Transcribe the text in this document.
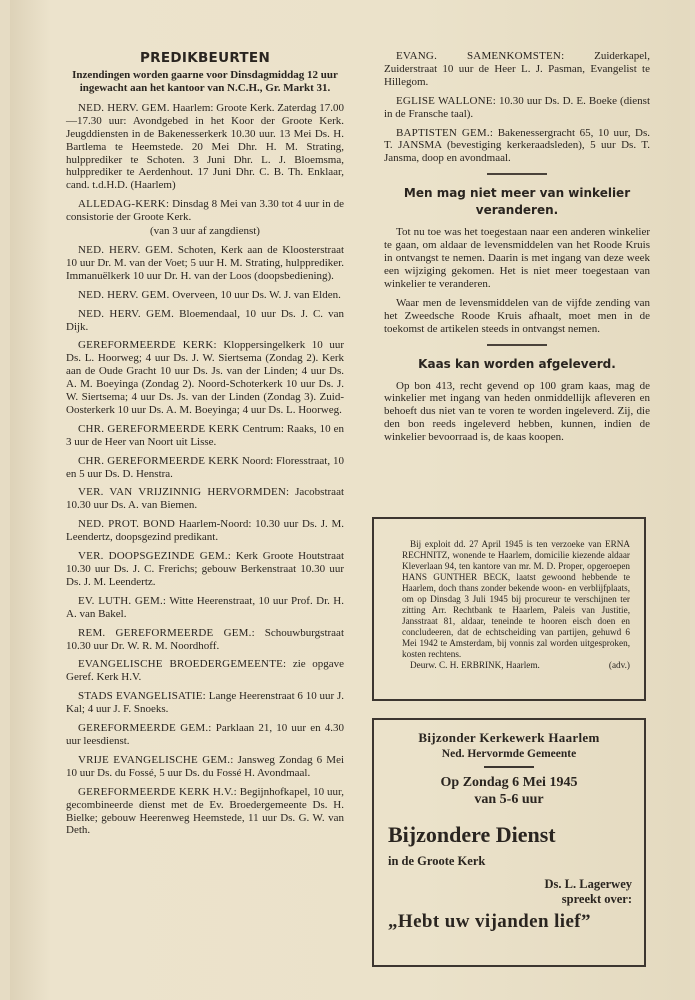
PREDIKBEURTEN
Inzendingen worden gaarne voor Dinsdagmiddag 12 uur ingewacht aan het kantoor van N.C.H., Gr. Markt 31.

NED. HERV. GEM. Haarlem: Groote Kerk. Zaterdag 17.00—17.30 uur: Avondgebed in het Koor der Groote Kerk. Jeugddiensten in de Bakenesserkerk 10.30 uur. 13 Mei Ds. H. Bartlema te Heemstede. 20 Mei Dhr. H. M. Strating, hulpprediker te Schoten. 3 Juni Dhr. L. J. Bloemsma, hulpprediker te Aerdenhout. 17 Juni Dhr. C. B. Th. Enklaar, cand. t.d.H.D. (Haarlem)

ALLEDAG-KERK: Dinsdag 8 Mei van 3.30 tot 4 uur in de consistorie der Groote Kerk.

(van 3 uur af zangdienst)

NED. HERV. GEM. Schoten, Kerk aan de Kloosterstraat 10 uur Dr. M. van der Voet; 5 uur H. M. Strating, hulpprediker. Immanuëlkerk 10 uur Dr. H. van der Loos (doopsbediening).

NED. HERV. GEM. Overveen, 10 uur Ds. W. J. van Elden.

NED. HERV. GEM. Bloemendaal, 10 uur Ds. J. C. van Dijk.

GEREFORMEERDE KERK: Kloppersingelkerk 10 uur Ds. L. Hoorweg; 4 uur Ds. J. W. Siertsema (Zondag 2). Kerk aan de Oude Gracht 10 uur Ds. Js. van der Linden; 4 uur Ds. A. M. Boeyinga (Zondag 2). Noord-Schoterkerk 10 uur Ds. J. W. Siertsema; 4 uur Ds. Js. van der Linden (Zondag 3). Zuid-Oosterkerk 10 uur Ds. A. M. Boeyinga; 4 uur Ds. L. Hoorweg.

CHR. GEREFORMEERDE KERK Centrum: Raaks, 10 en 3 uur de Heer van Noort uit Lisse.

CHR. GEREFORMEERDE KERK Noord: Floresstraat, 10 en 5 uur Ds. D. Henstra.

VER. VAN VRIJZINNIG HERVORMDEN: Jacobstraat 10.30 uur Ds. A. van Biemen.

NED. PROT. BOND Haarlem-Noord: 10.30 uur Ds. J. M. Leendertz, doopsgezind predikant.

VER. DOOPSGEZINDE GEM.: Kerk Groote Houtstraat 10.30 uur Ds. J. C. Frerichs; gebouw Berkenstraat 10.30 uur Ds. J. M. Leendertz.

EV. LUTH. GEM.: Witte Heerenstraat, 10 uur Prof. Dr. H. A. van Bakel.

REM. GEREFORMEERDE GEM.: Schouwburgstraat 10.30 uur Dr. W. R. M. Noordhoff.

EVANGELISCHE BROEDERGEMEENTE: zie opgave Geref. Kerk H.V.

STADS EVANGELISATIE: Lange Heerenstraat 6 10 uur J. Kal; 4 uur J. F. Snoeks.

GEREFORMEERDE GEM.: Parklaan 21, 10 uur en 4.30 uur leesdienst.

VRIJE EVANGELISCHE GEM.: Jansweg Zondag 6 Mei 10 uur Ds. du Fossé, 5 uur Ds. du Fossé H. Avondmaal.

GEREFORMEERDE KERK H.V.: Begijnhofkapel, 10 uur, gecombineerde dienst met de Ev. Broedergemeente Ds. H. Bielke; gebouw Heerenweg Heemstede, 11 uur Ds. G. W. van Deth.

EVANG. SAMENKOMSTEN:	Zuiderkapel, Zuiderstraat 10 uur de Heer L. J. Pasman, Evangelist te Hillegom.

EGLISE WALLONE: 10.30 uur Ds. D. E. Boeke (dienst in de Fransche taal).

BAPTISTEN GEM.: Bakenessergracht 65, 10 uur, Ds. T. JANSMA (bevestiging kerkeraadsleden), 5 uur Ds. T. Jansma, doop en avondmaal.

Men mag niet meer van winkelier veranderen.

Tot nu toe was het toegestaan naar een anderen winkelier te gaan, om aldaar de levensmiddelen van het Roode Kruis in ontvangst te nemen. Daarin is met ingang van deze week een wijziging gekomen. Het is niet meer toegestaan van winkelier te veranderen.

Waar men de levensmiddelen van de vijfde zending van het Zweedsche Roode Kruis afhaalt, moet men in de toekomst de artikelen steeds in ontvangst nemen.

Kaas kan worden afgeleverd.

Op bon 413, recht gevend op 100 gram kaas, mag de winkelier met ingang van heden onmiddellijk afleveren en behoeft dus niet van te voren te worden ingeleverd. Zij, die den bon reeds ingeleverd hebben, kunnen, indien de winkelier bevoorraad is, de kaas koopen.

Bij exploit dd. 27 April 1945 is ten verzoeke van ERNA RECHNITZ, wonende te Haarlem, domicilie kiezende aldaar Kleverlaan 94, ten kantore van mr. M. D. Proper, opgeroepen HANS GUNTHER BECK, laatst gewoond hebbende te Haarlem, doch thans zonder bekende woon- en verblijfplaats, om op Dinsdag 3 Juli 1945 bij procureur te verschijnen ter zitting Arr. Rechtbank te Haarlem, Paleis van Justitie, Jansstraat 81, aldaar, teneinde te hooren eisch doen en concludeeren, dat de echtscheiding van partijen, gehuwd 6 Mei 1942 te Amsterdam, bij vonnis zal worden uitgesproken, kosten rechtens.
Deurw. C. H. ERBRINK, Haarlem.	(adv.)
Bijzonder Kerkewerk Haarlem
Ned. Hervormde Gemeente
Op Zondag 6 Mei 1945
van 5-6 uur
Bijzondere Dienst
in de Groote Kerk
Ds. L. Lagerwey
spreekt over:
„Hebt uw vijanden lief”
